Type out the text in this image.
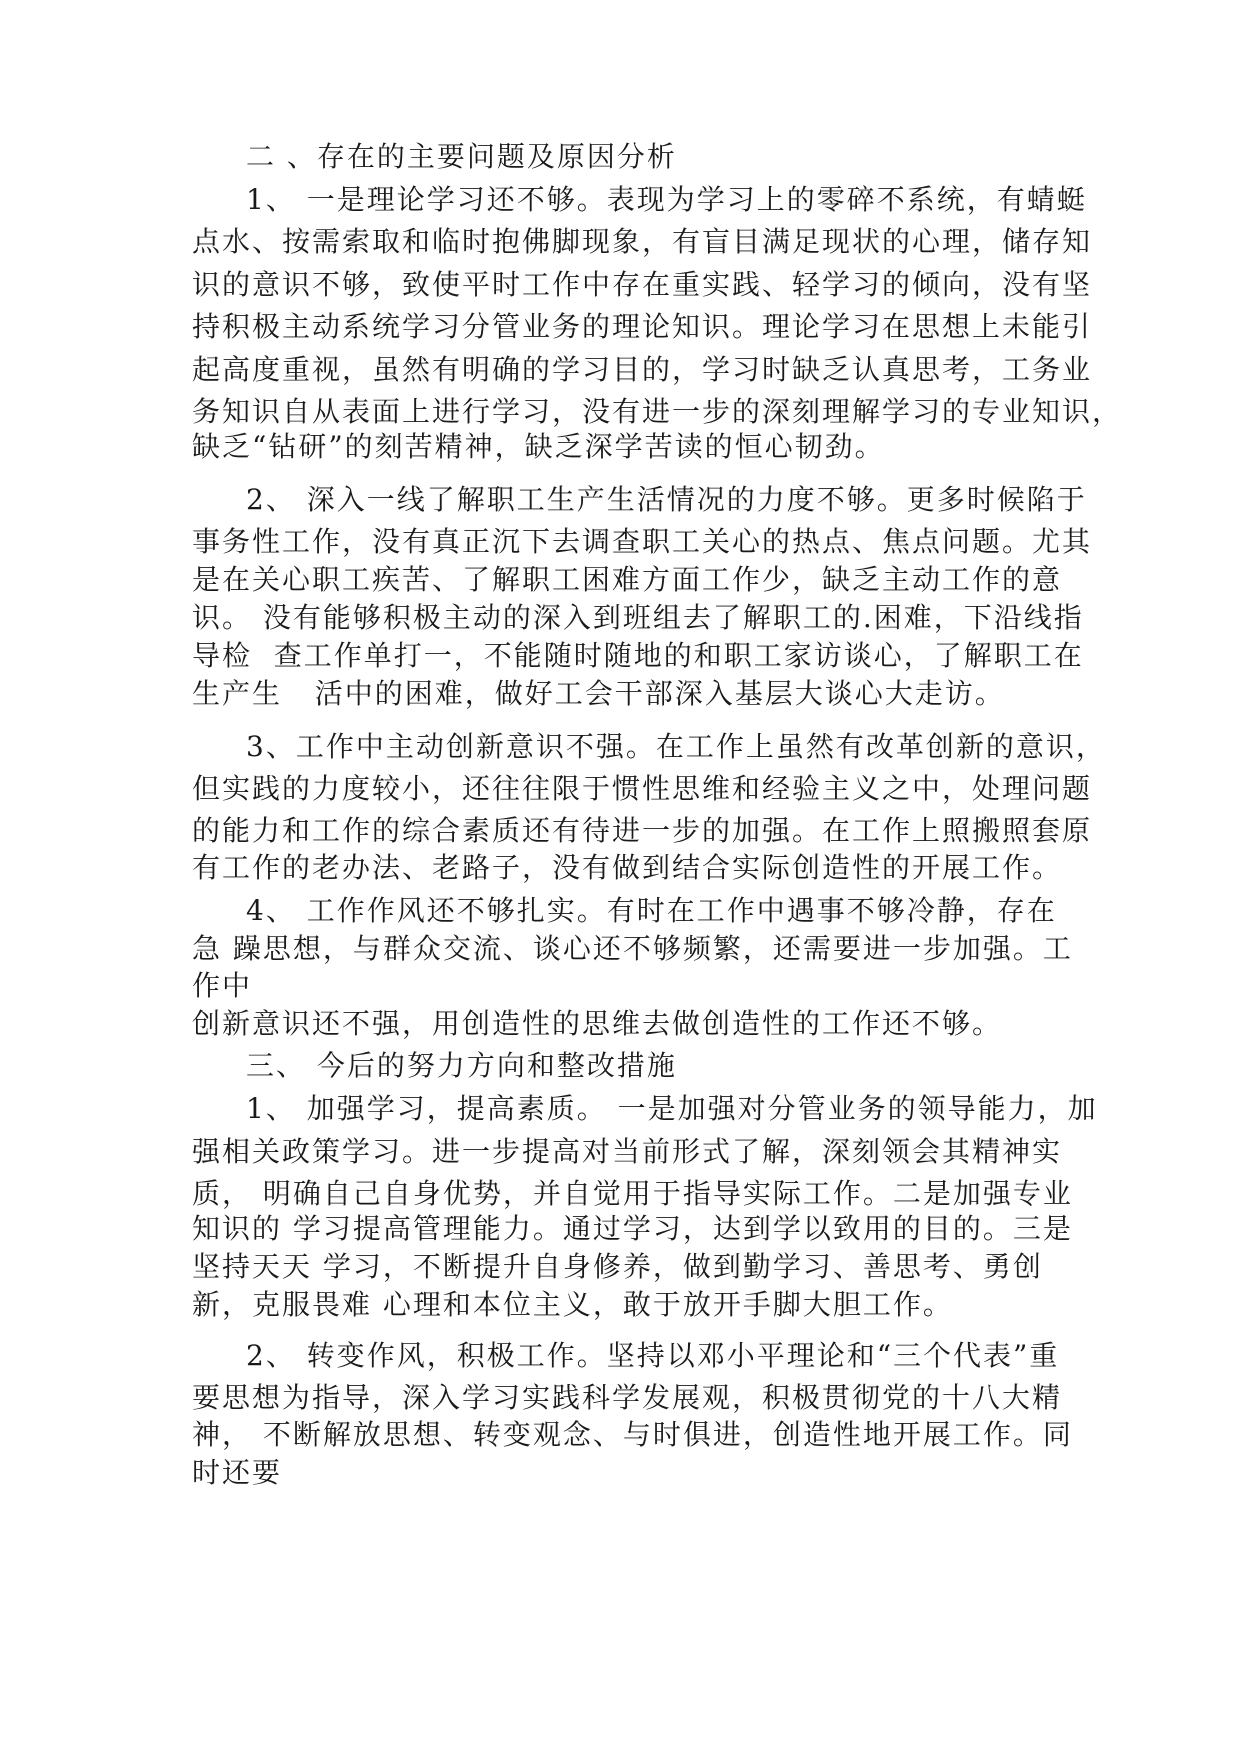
二 、存在的主要问题及原因分析
1、 一是理论学习还不够。表现为学习上的零碎不系统，有蜻蜓
点水、按需索取和临时抱佛脚现象，有盲目满足现状的心理，储存知
识的意识不够，致使平时工作中存在重实践、轻学习的倾向，没有坚
持积极主动系统学习分管业务的理论知识。理论学习在思想上未能引
起高度重视，虽然有明确的学习目的，学习时缺乏认真思考，工务业
务知识自从表面上进行学习，没有进一步的深刻理解学习的专业知识，
缺乏“钻研”的刻苦精神，缺乏深学苦读的恒心韧劲。
2、 深入一线了解职工生产生活情况的力度不够。更多时候陷于
事务性工作，没有真正沉下去调查职工关心的热点、焦点问题。尤其
是在关心职工疾苦、了解职工困难方面工作少，缺乏主动工作的意
识。 没有能够积极主动的深入到班组去了解职工的.困难，下沿线指
导检  查工作单打一，不能随时随地的和职工家访谈心，了解职工在
生产生   活中的困难，做好工会干部深入基层大谈心大走访。
3、工作中主动创新意识不强。在工作上虽然有改革创新的意识，
但实践的力度较小，还往往限于惯性思维和经验主义之中，处理问题
的能力和工作的综合素质还有待进一步的加强。在工作上照搬照套原
有工作的老办法、老路子，没有做到结合实际创造性的开展工作。
4、 工作作风还不够扎实。有时在工作中遇事不够冷静，存在
急 躁思想，与群众交流、谈心还不够频繁，还需要进一步加强。工
作中
创新意识还不强，用创造性的思维去做创造性的工作还不够。
三、 今后的努力方向和整改措施
1、 加强学习，提高素质。 一是加强对分管业务的领导能力，加
强相关政策学习。进一步提高对当前形式了解，深刻领会其精神实
质， 明确自己自身优势，并自觉用于指导实际工作。二是加强专业
知识的 学习提高管理能力。通过学习，达到学以致用的目的。三是
坚持天天 学习，不断提升自身修养，做到勤学习、善思考、勇创
新，克服畏难 心理和本位主义，敢于放开手脚大胆工作。
2、 转变作风，积极工作。坚持以邓小平理论和“三个代表”重
要思想为指导，深入学习实践科学发展观，积极贯彻党的十八大精
神， 不断解放思想、转变观念、与时俱进，创造性地开展工作。同
时还要
